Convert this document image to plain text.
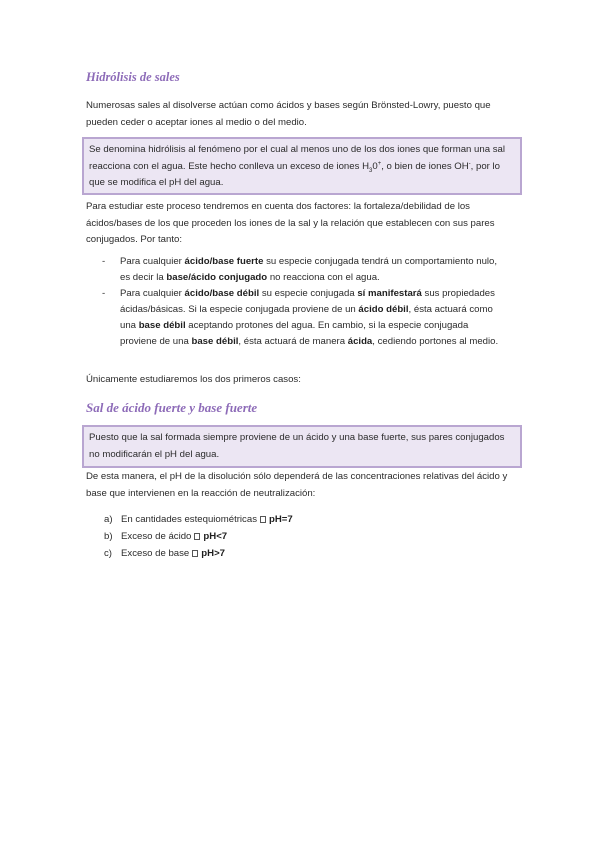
Hidrólisis de sales

Numerosas sales al disolverse actúan como ácidos y bases según Brönsted-Lowry, puesto que pueden ceder o aceptar iones al medio o del medio.

Se denomina hidrólisis al fenómeno por el cual al menos uno de los dos iones que forman una sal reacciona con el agua. Este hecho conlleva un exceso de iones $H_30^+$, o bien de iones OH-, por lo que se modifica el pH del agua.

Para estudiar este proceso tendremos en cuenta dos factores: la fortaleza/debilidad de los ácidos/bases de los que proceden los iones de la sal y la relación que establecen con sus pares conjugados. Por tanto:

- Para cualquier ácido/base fuerte su especie conjugada tendrá un comportamiento nulo, es decir la base/ácido conjugado no reacciona con el agua.
- Para cualquier ácido/base débil su especie conjugada sí manifestará sus propiedades ácidas/básicas. Si la especie conjugada proviene de un ácido débil, ésta actuará como una base débil aceptando protones del agua. En cambio, si la especie conjugada proviene de una base débil, ésta actuará de manera ácida, cediendo portones al medio.

Únicamente estudiaremos los dos primeros casos:

Sal de ácido fuerte y base fuerte
Puesto que la sal formada siempre proviene de un ácido y una base fuerte, sus pares conjugados no modificarán el pH del agua.

De esta manera, el pH de la disolución sólo dependerá de las concentraciones relativas del ácido y base que intervienen en la reacción de neutralización:

a) En cantidades estequiométricas pH=7
b) Exceso de ácido pH<7
c) Exceso de base pH>7
